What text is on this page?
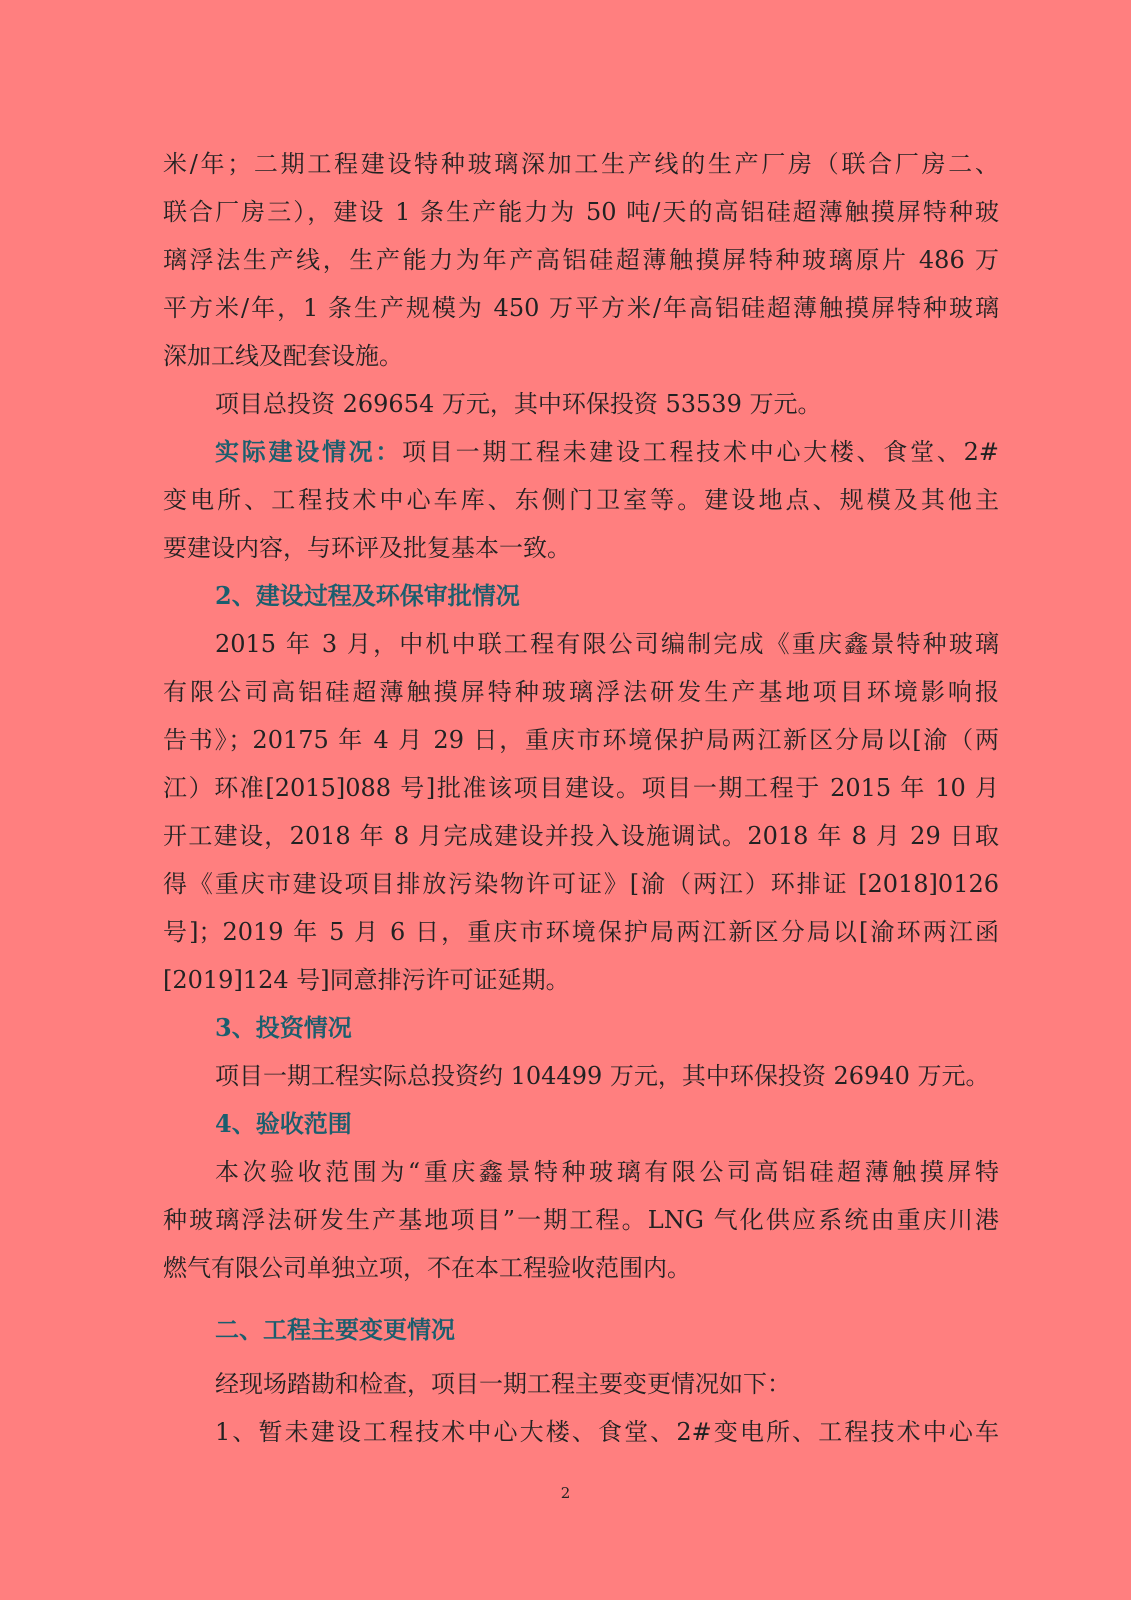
米/年；二期工程建设特种玻璃深加工生产线的生产厂房（联合厂房二、
联合厂房三），建设 1 条生产能力为 50 吨/天的高铝硅超薄触摸屏特种玻
璃浮法生产线，生产能力为年产高铝硅超薄触摸屏特种玻璃原片 486 万
平方米/年，1 条生产规模为 450 万平方米/年高铝硅超薄触摸屏特种玻璃
深加工线及配套设施。
项目总投资 269654 万元，其中环保投资 53539 万元。
实际建设情况：项目一期工程未建设工程技术中心大楼、食堂、2#
变电所、工程技术中心车库、东侧门卫室等。建设地点、规模及其他主
要建设内容，与环评及批复基本一致。
2、建设过程及环保审批情况
2015 年 3 月，中机中联工程有限公司编制完成《重庆鑫景特种玻璃
有限公司高铝硅超薄触摸屏特种玻璃浮法研发生产基地项目环境影响报
告书》；20175 年 4 月 29 日，重庆市环境保护局两江新区分局以[渝（两
江）环准[2015]088 号]批准该项目建设。项目一期工程于 2015 年 10 月
开工建设，2018 年 8 月完成建设并投入设施调试。2018 年 8 月 29 日取
得《重庆市建设项目排放污染物许可证》[渝（两江）环排证 [2018]0126
号]；2019 年 5 月 6 日，重庆市环境保护局两江新区分局以[渝环两江函
[2019]124 号]同意排污许可证延期。
3、投资情况
项目一期工程实际总投资约 104499 万元，其中环保投资 26940 万元。
4、验收范围
本次验收范围为“重庆鑫景特种玻璃有限公司高铝硅超薄触摸屏特
种玻璃浮法研发生产基地项目”一期工程。LNG 气化供应系统由重庆川港
燃气有限公司单独立项，不在本工程验收范围内。
二、工程主要变更情况
经现场踏勘和检查，项目一期工程主要变更情况如下：
1、暂未建设工程技术中心大楼、食堂、2#变电所、工程技术中心车
2
